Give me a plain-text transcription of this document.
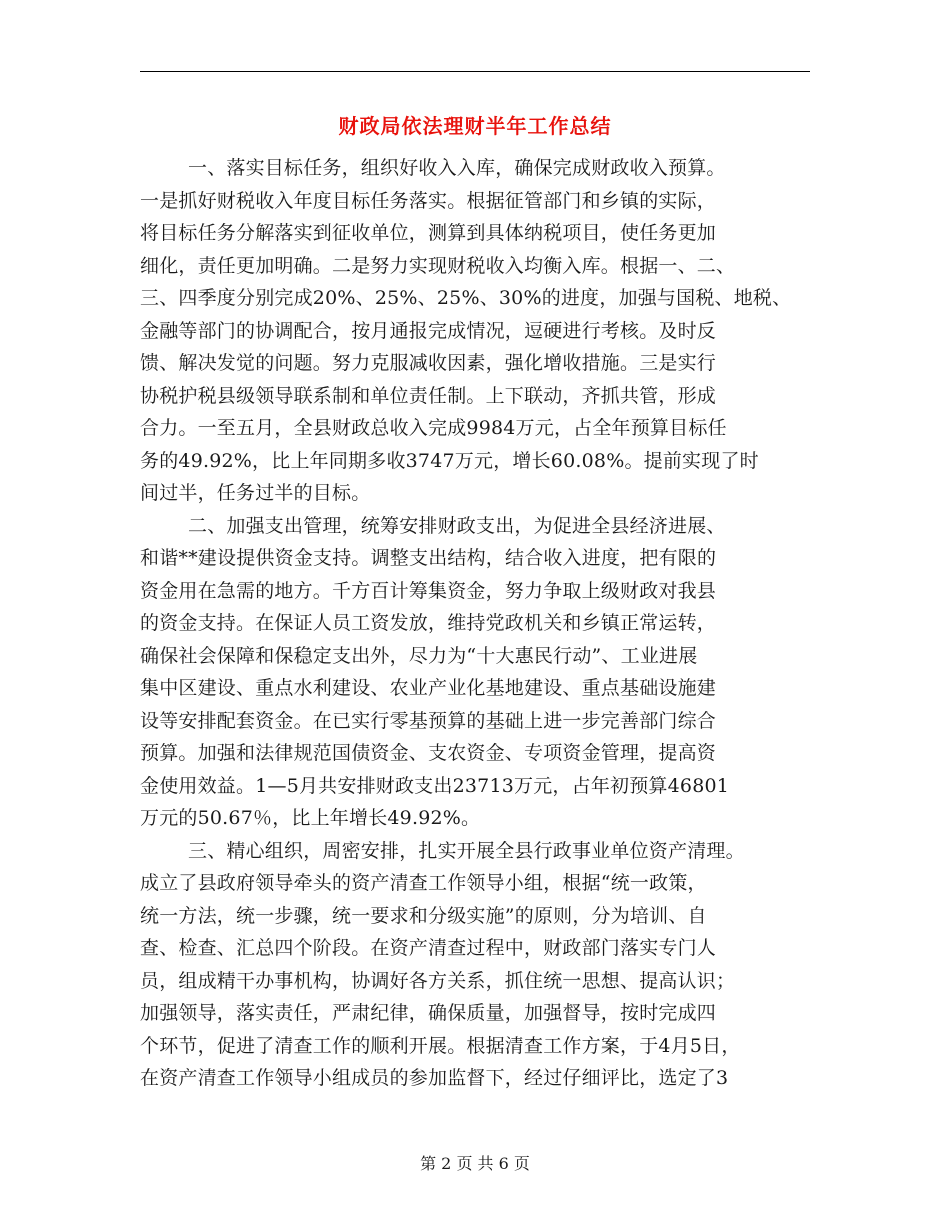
财政局依法理财半年工作总结
一、落实目标任务，组织好收入入库，确保完成财政收入预算。
一是抓好财税收入年度目标任务落实。根据征管部门和乡镇的实际，
将目标任务分解落实到征收单位，测算到具体纳税项目，使任务更加
细化，责任更加明确。二是努力实现财税收入均衡入库。根据一、二、
三、四季度分别完成20%、25%、25%、30%的进度，加强与国税、地税、
金融等部门的协调配合，按月通报完成情况，逗硬进行考核。及时反
馈、解决发觉的问题。努力克服减收因素，强化增收措施。三是实行
协税护税县级领导联系制和单位责任制。上下联动，齐抓共管，形成
合力。一至五月，全县财政总收入完成9984万元，占全年预算目标任
务的49.92%，比上年同期多收3747万元，增长60.08%。提前实现了时
间过半，任务过半的目标。
二、加强支出管理，统筹安排财政支出，为促进全县经济进展、
和谐**建设提供资金支持。调整支出结构，结合收入进度，把有限的
资金用在急需的地方。千方百计筹集资金，努力争取上级财政对我县
的资金支持。在保证人员工资发放，维持党政机关和乡镇正常运转，
确保社会保障和保稳定支出外，尽力为“十大惠民行动”、工业进展
集中区建设、重点水利建设、农业产业化基地建设、重点基础设施建
设等安排配套资金。在已实行零基预算的基础上进一步完善部门综合
预算。加强和法律规范国债资金、支农资金、专项资金管理，提高资
金使用效益。1—5月共安排财政支出23713万元，占年初预算46801
万元的50.67％，比上年增长49.92%。
三、精心组织，周密安排，扎实开展全县行政事业单位资产清理。
成立了县政府领导牵头的资产清查工作领导小组，根据“统一政策，
统一方法，统一步骤，统一要求和分级实施”的原则，分为培训、自
查、检查、汇总四个阶段。在资产清查过程中，财政部门落实专门人
员，组成精干办事机构，协调好各方关系，抓住统一思想、提高认识；
加强领导，落实责任，严肃纪律，确保质量，加强督导，按时完成四
个环节，促进了清查工作的顺利开展。根据清查工作方案，于4月5日，
在资产清查工作领导小组成员的参加监督下，经过仔细评比，选定了3
第 2 页 共 6 页
